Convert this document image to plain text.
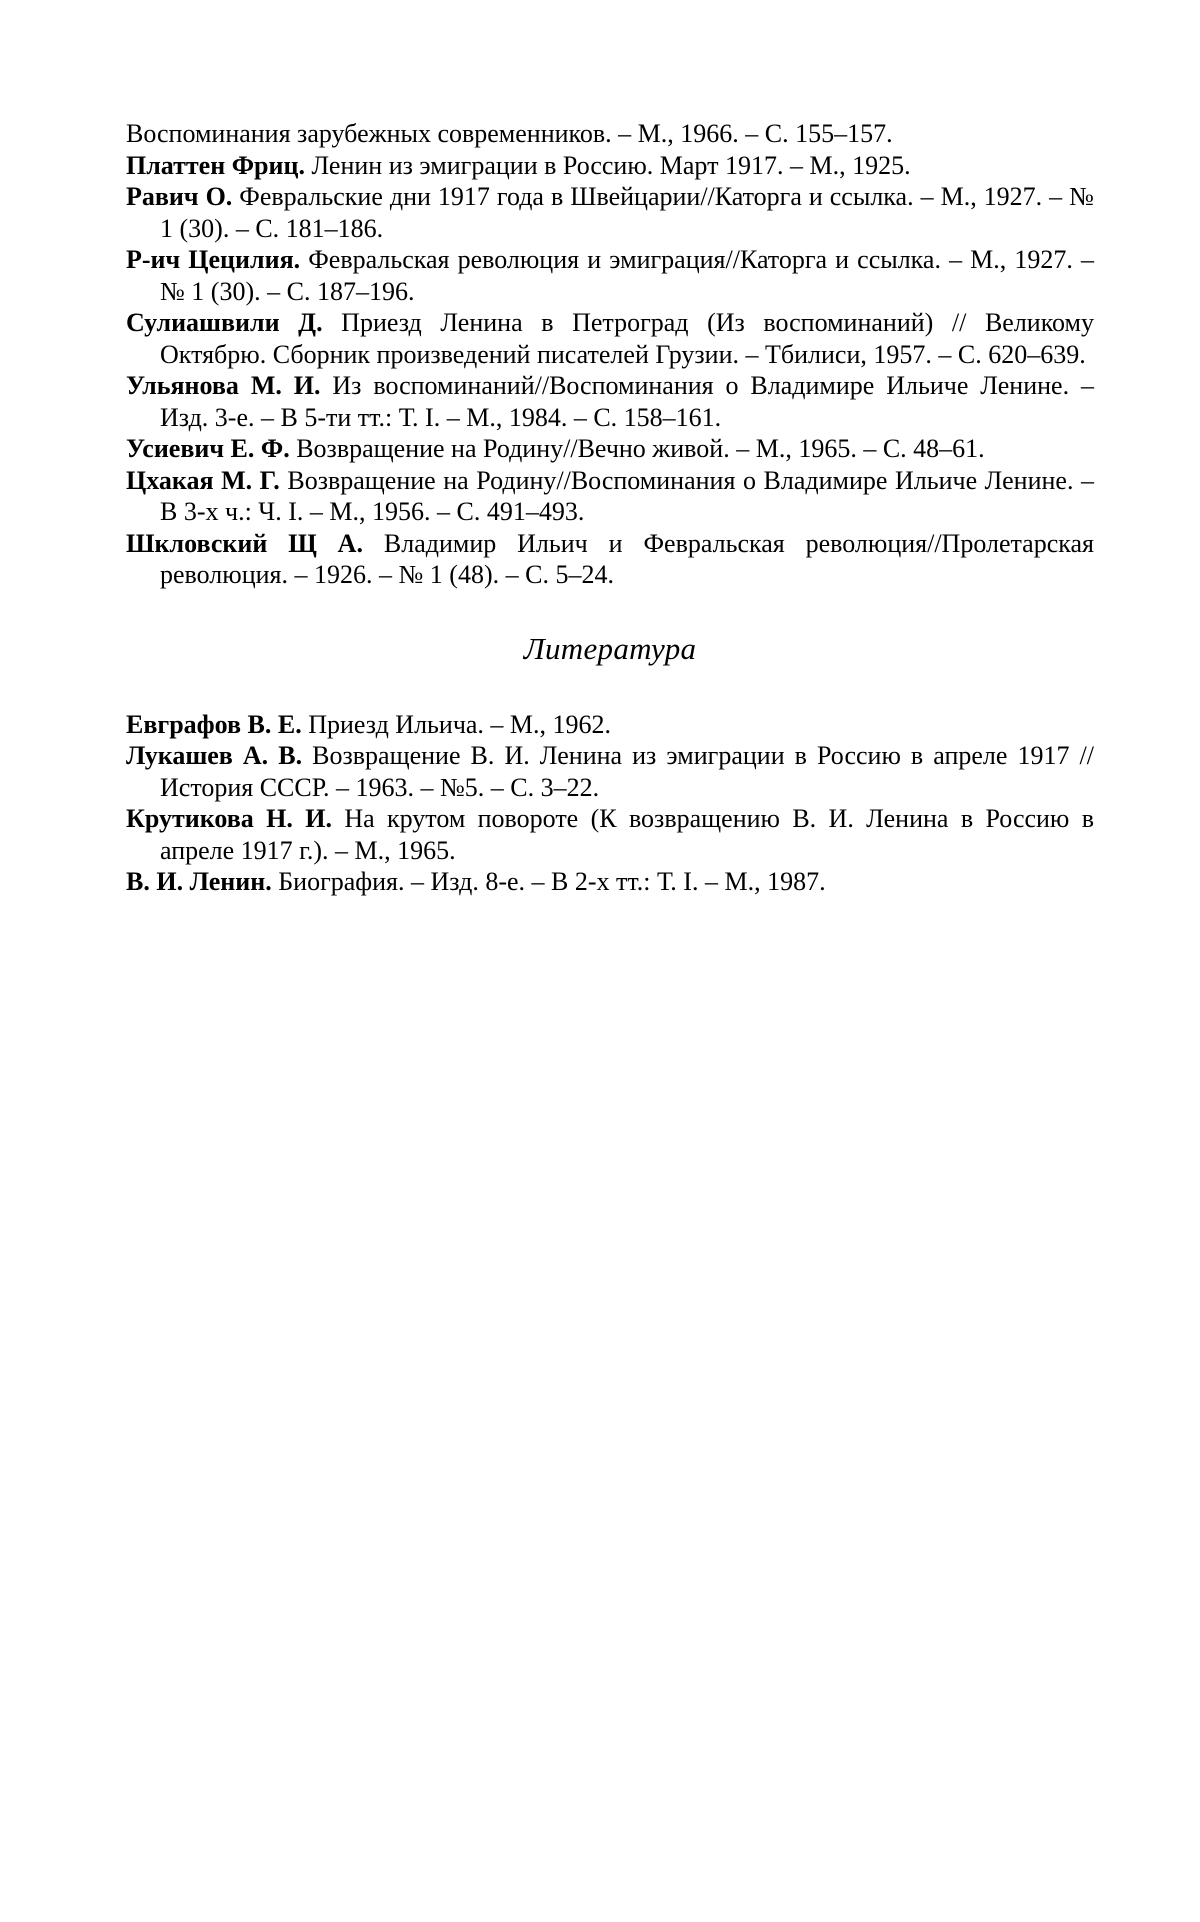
Воспоминания зарубежных современников. – М., 1966. – С. 155–157.

Платтен Фриц. Ленин из эмиграции в Россию. Март 1917. – М., 1925.

Равич О. Февральские дни 1917 года в Швейцарии//Каторга и ссылка. – М., 1927. – № 1 (30). – С. 181–186.

Р-ич Цецилия. Февральская революция и эмиграция//Каторга и ссылка. – М., 1927. – № 1 (30). – С. 187–196.

Сулиашвили Д. Приезд Ленина в Петроград (Из воспоминаний) // Великому Октябрю. Сборник произведений писателей Грузии. – Тбилиси, 1957. – С. 620–639.

Ульянова М. И. Из воспоминаний//Воспоминания о Владимире Ильиче Ленине. – Изд. 3-е. – В 5-ти тт.: Т. I. – М., 1984. – С. 158–161.

Усиевич Е. Ф. Возвращение на Родину//Вечно живой. – М., 1965. – С. 48–61.

Цхакая М. Г. Возвращение на Родину//Воспоминания о Владимире Ильиче Ленине. – В 3-х ч.: Ч. I. – М., 1956. – С. 491–493.

Шкловский Щ А. Владимир Ильич и Февральская революция//Пролетарская революция. – 1926. – № 1 (48). – С. 5–24.

Литература

Евграфов В. Е. Приезд Ильича. – М., 1962.

Лукашев А. В. Возвращение В. И. Ленина из эмиграции в Россию в апреле 1917 //История СССР. – 1963. – №5. – С. 3–22.

Крутикова Н. И. На крутом повороте (К возвращению В. И. Ленина в Россию в апреле 1917 г.). – М., 1965.

В. И. Ленин. Биография. – Изд. 8-е. – В 2-х тт.: Т. I. – М., 1987.
